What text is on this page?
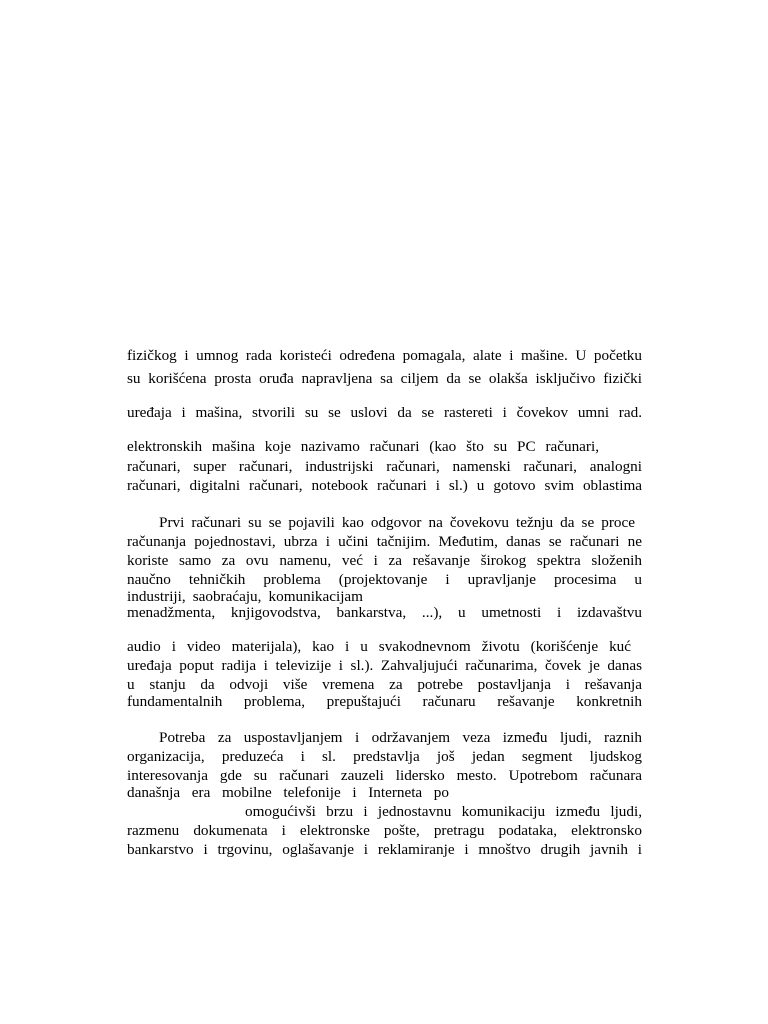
fizičkog i umnog rada koristeći određena pomagala, alate i mašine. U početku
su korišćena prosta oruđa napravljena sa ciljem da se olakša isključivo fizički
uređaja i mašina, stvorili su se uslovi da se rastereti i čovekov umni rad.
elektronskih mašina koje nazivamo računari (kao što su PC računari,
računari, super računari, industrijski računari, namenski računari, analogni
računari, digitalni računari, notebook računari i sl.) u gotovo svim oblastima
Prvi računari su se pojavili kao odgovor na čovekovu težnju da se proce
računanja pojednostavi, ubrza i učini tačnijim. Međutim, danas se računari ne
koriste samo za ovu namenu, već i za rešavanje širokog spektra složenih
naučno tehničkih problema (projektovanje i upravljanje procesima u
industriji, saobraćaju, komunikacijam
menadžmenta, knjigovodstva, bankarstva, ...), u umetnosti i izdavaštvu
audio i video materijala), kao i u svakodnevnom životu (korišćenje kuć
uređaja poput radija i televizije i sl.). Zahvaljujući računarima, čovek je danas
u stanju da odvoji više vremena za potrebe postavljanja i rešavanja
fundamentalnih problema, prepuštajući računaru rešavanje konkretnih
Potreba za uspostavljanjem i održavanjem veza između ljudi, raznih
organizacija, preduzeća i sl. predstavlja još jedan segment ljudskog
interesovanja gde su računari zauzeli lidersko mesto. Upotrebom računara
današnja era mobilne telefonije i Interneta po
omogućivši brzu i jednostavnu komunikaciju između ljudi,
razmenu dokumenata i elektronske pošte, pretragu podataka, elektronsko
bankarstvo i trgovinu, oglašavanje i reklamiranje i mnoštvo drugih javnih i
